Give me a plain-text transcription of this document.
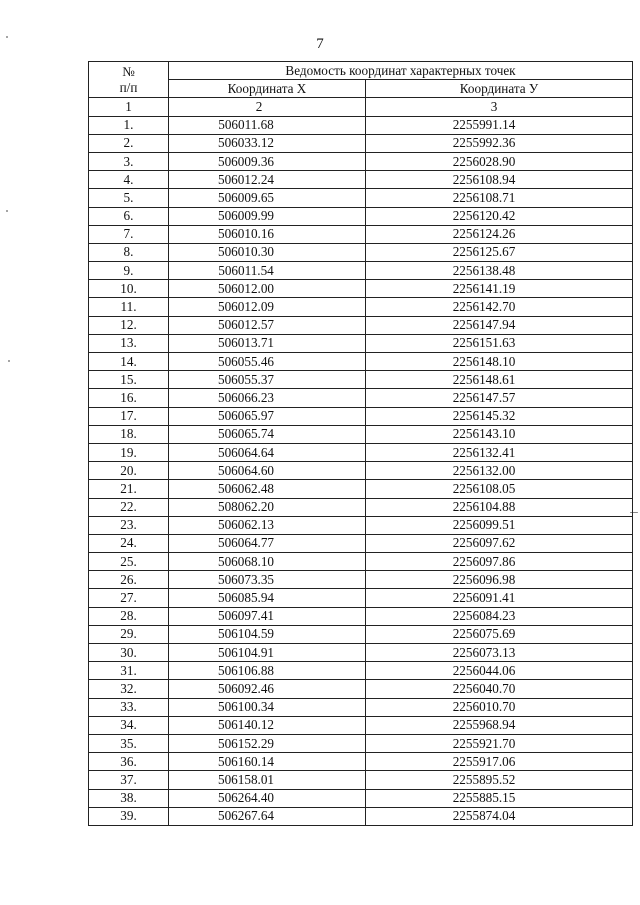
7
№
п/п	Ведомость координат характерных точек	
	Координата Х	Координата У
1	2	3
1.	506011.68	2255991.14
2.	506033.12	2255992.36
3.	506009.36	2256028.90
4.	506012.24	2256108.94
5.	506009.65	2256108.71
6.	506009.99	2256120.42
7.	506010.16	2256124.26
8.	506010.30	2256125.67
9.	506011.54	2256138.48
10.	506012.00	2256141.19
11.	506012.09	2256142.70
12.	506012.57	2256147.94
13.	506013.71	2256151.63
14.	506055.46	2256148.10
15.	506055.37	2256148.61
16.	506066.23	2256147.57
17.	506065.97	2256145.32
18.	506065.74	2256143.10
19.	506064.64	2256132.41
20.	506064.60	2256132.00
21.	506062.48	2256108.05
22.	508062.20	2256104.88
23.	506062.13	2256099.51
24.	506064.77	2256097.62
25.	506068.10	2256097.86
26.	506073.35	2256096.98
27.	506085.94	2256091.41
28.	506097.41	2256084.23
29.	506104.59	2256075.69
30.	506104.91	2256073.13
31.	506106.88	2256044.06
32.	506092.46	2256040.70
33.	506100.34	2256010.70
34.	506140.12	2255968.94
35.	506152.29	2255921.70
36.	506160.14	2255917.06
37.	506158.01	2255895.52
38.	506264.40	2255885.15
39.	506267.64	2255874.04
